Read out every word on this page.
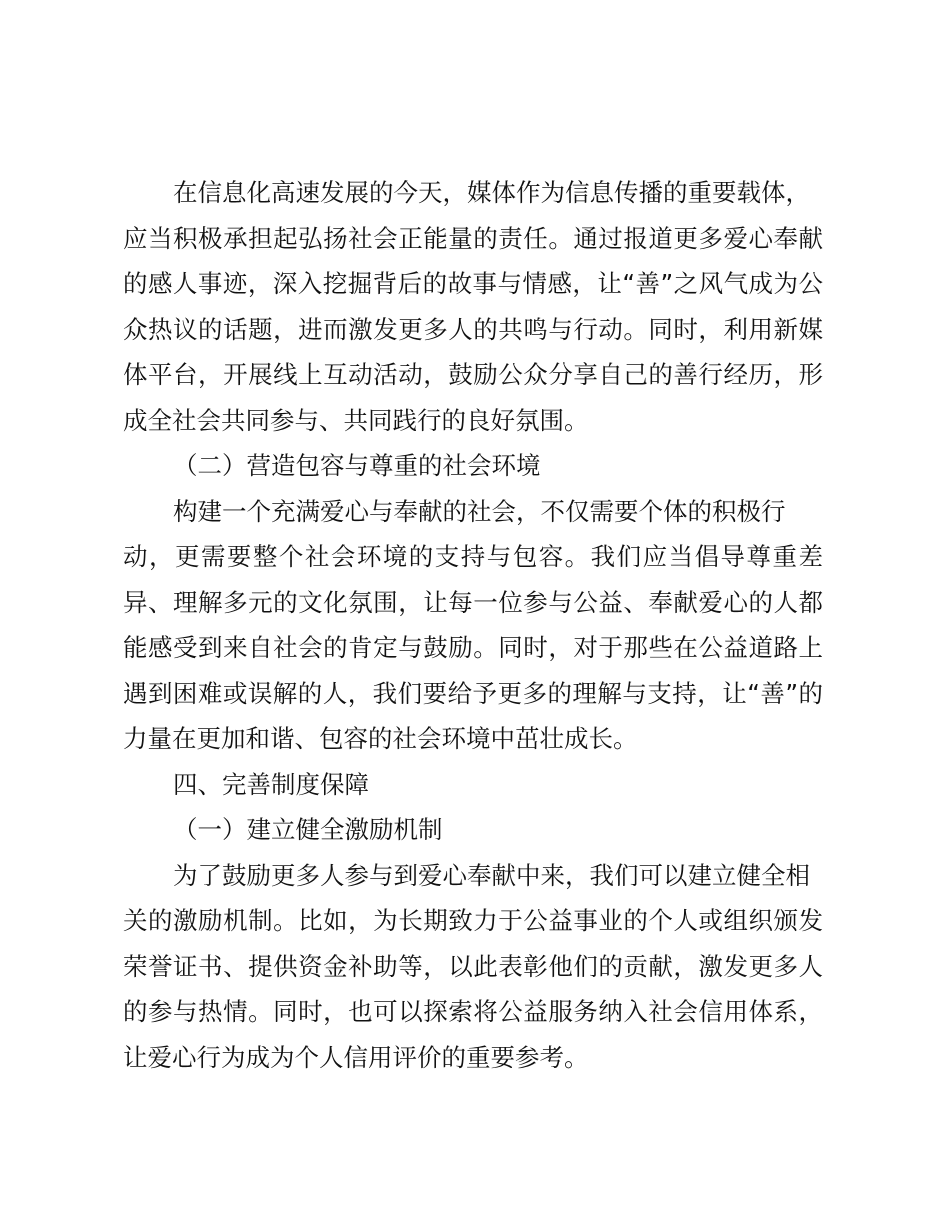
在信息化高速发展的今天，媒体作为信息传播的重要载体，
应当积极承担起弘扬社会正能量的责任。通过报道更多爱心奉献
的感人事迹，深入挖掘背后的故事与情感，让“善”之风气成为公
众热议的话题，进而激发更多人的共鸣与行动。同时，利用新媒
体平台，开展线上互动活动，鼓励公众分享自己的善行经历，形
成全社会共同参与、共同践行的良好氛围。
（二）营造包容与尊重的社会环境
构建一个充满爱心与奉献的社会，不仅需要个体的积极行
动，更需要整个社会环境的支持与包容。我们应当倡导尊重差
异、理解多元的文化氛围，让每一位参与公益、奉献爱心的人都
能感受到来自社会的肯定与鼓励。同时，对于那些在公益道路上
遇到困难或误解的人，我们要给予更多的理解与支持，让“善”的
力量在更加和谐、包容的社会环境中茁壮成长。
四、完善制度保障
（一）建立健全激励机制
为了鼓励更多人参与到爱心奉献中来，我们可以建立健全相
关的激励机制。比如，为长期致力于公益事业的个人或组织颁发
荣誉证书、提供资金补助等，以此表彰他们的贡献，激发更多人
的参与热情。同时，也可以探索将公益服务纳入社会信用体系，
让爱心行为成为个人信用评价的重要参考。
